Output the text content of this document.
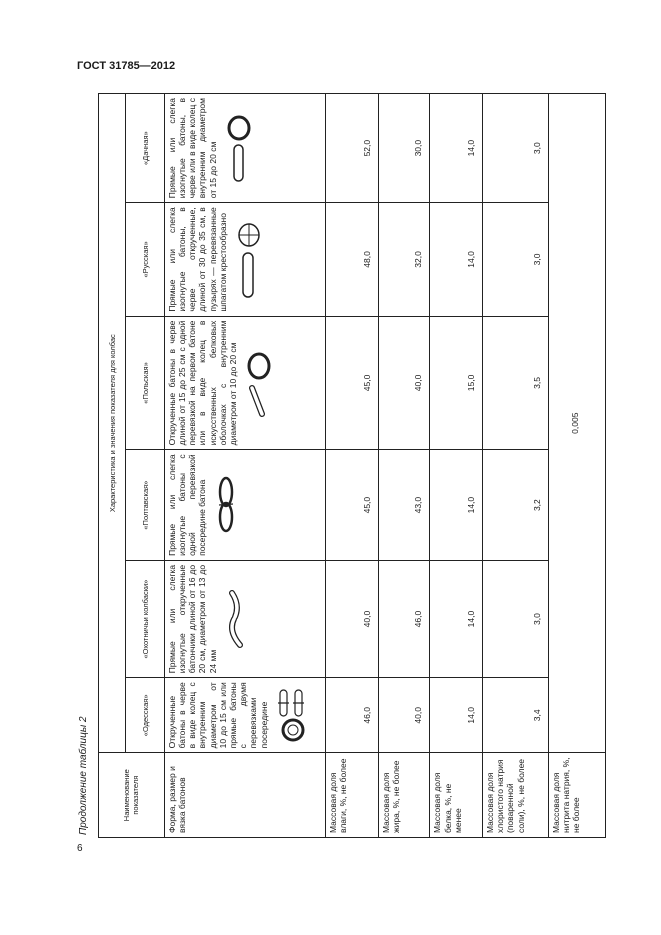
ГОСТ 31785—2012
6
Продолжение таблицы 2	Наименование показателя	Характеристика и значения показателя для колбас					
	«Одесская»	«Охотничьи колбаски»	«Полтавская»	«Польская»	«Русская»	«Дачная»
Форма, размер и вязка батонов	Открученные батоны в черве в виде колец с внутренним диаметром от 10 до 15 см или прямые батоны с двумя перевязками посередине	Прямые или слегка изогнутые открученные батончики длиной от 16 до 20 см, диаметром от 13 до 24 мм	Прямые или слегка изогнутые батоны с одной перевязкой посередине батона	Открученные батоны в черве длиной от 15 до 25 см с одной перевязкой на первом батоне или в виде колец в искусственных белковых оболочках с внутренним диаметром от 10 до 20 см	Прямые или слегка изогнутые батоны, в черве открученные, длиной от 30 до 35 см, в пузырях — перевязанные шпагатом крестообразно	Прямые или слегка изогнутые батоны, в черве или в виде колец с внутренним диаметром от 15 до 20 см

Массовая доля влаги, %, не более	46,0	40,0	45,0	45,0	48,0	52,0
Массовая доля жира, %, не более	40,0	46,0	43,0	40,0	32,0	30,0
Массовая доля белка, %, не менее	14,0	14,0	14,0	15,0	14,0	14,0
Массовая доля хлористого натрия (поваренной соли), %, не более	3,4	3,0	3,2	3,5	3,0	3,0
Массовая доля нитрита натрия, %, не более	0,005					
